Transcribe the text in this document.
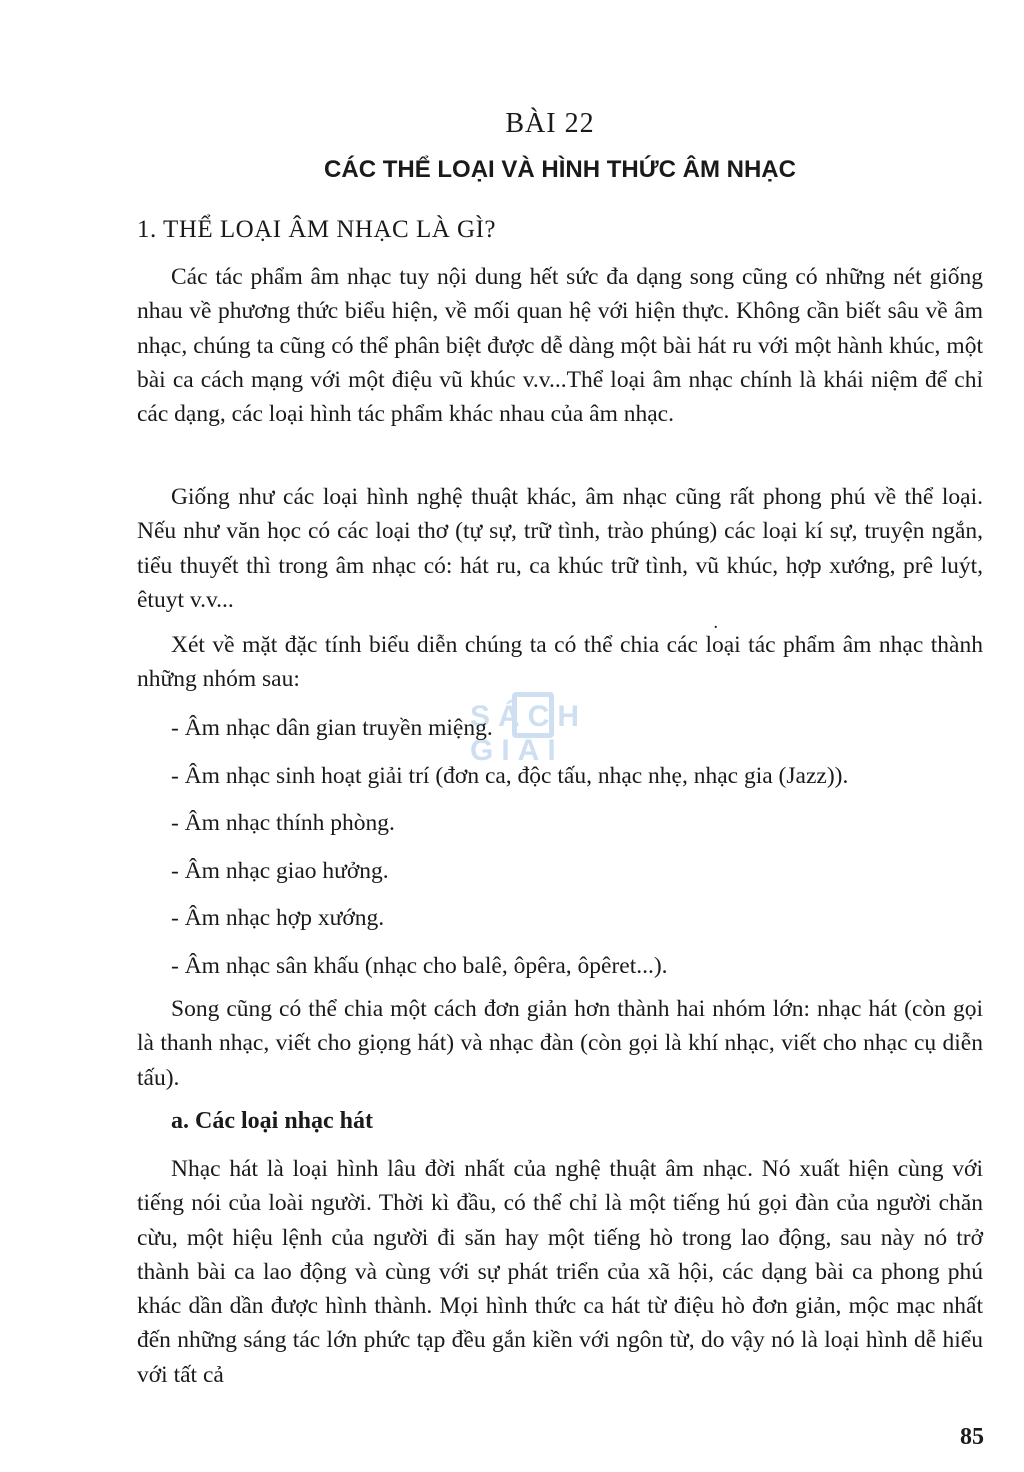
BÀI 22
CÁC THỂ LOẠI VÀ HÌNH THỨC ÂM NHẠC
1. THỂ LOẠI ÂM NHẠC LÀ GÌ?

Các tác phẩm âm nhạc tuy nội dung hết sức đa dạng song cũng có những nét giống nhau về phương thức biểu hiện, về mối quan hệ với hiện thực. Không cần biết sâu về âm nhạc, chúng ta cũng có thể phân biệt được dễ dàng một bài hát ru với một hành khúc, một bài ca cách mạng với một điệu vũ khúc v.v...Thể loại âm nhạc chính là khái niệm để chỉ các dạng, các loại hình tác phẩm khác nhau của âm nhạc.

Giống như các loại hình nghệ thuật khác, âm nhạc cũng rất phong phú về thể loại. Nếu như văn học có các loại thơ (tự sự, trữ tình, trào phúng) các loại kí sự, truyện ngắn, tiểu thuyết thì trong âm nhạc có: hát ru, ca khúc trữ tình, vũ khúc, hợp xướng, prê luýt, êtuyt v.v...

.

Xét về mặt đặc tính biểu diễn chúng ta có thể chia các loại tác phẩm âm nhạc thành những nhóm sau:

SÁCH GIẢI
- Âm nhạc dân gian truyền miệng.
- Âm nhạc sinh hoạt giải trí (đơn ca, độc tấu, nhạc nhẹ, nhạc gia (Jazz)).
- Âm nhạc thính phòng.
- Âm nhạc giao hưởng.
- Âm nhạc hợp xướng.
- Âm nhạc sân khấu (nhạc cho balê, ôpêra, ôpêret...).

Song cũng có thể chia một cách đơn giản hơn thành hai nhóm lớn: nhạc hát (còn gọi là thanh nhạc, viết cho giọng hát) và nhạc đàn (còn gọi là khí nhạc, viết cho nhạc cụ diễn tấu).

a. Các loại nhạc hát

Nhạc hát là loại hình lâu đời nhất của nghệ thuật âm nhạc. Nó xuất hiện cùng với tiếng nói của loài người. Thời kì đầu, có thể chỉ là một tiếng hú gọi đàn của người chăn cừu, một hiệu lệnh của người đi săn hay một tiếng hò trong lao động, sau này nó trở thành bài ca lao động và cùng với sự phát triển của xã hội, các dạng bài ca phong phú khác dần dần được hình thành. Mọi hình thức ca hát từ điệu hò đơn giản, mộc mạc nhất đến những sáng tác lớn phức tạp đều gắn kiền với ngôn từ, do vậy nó là loại hình dễ hiểu với tất cả

85
